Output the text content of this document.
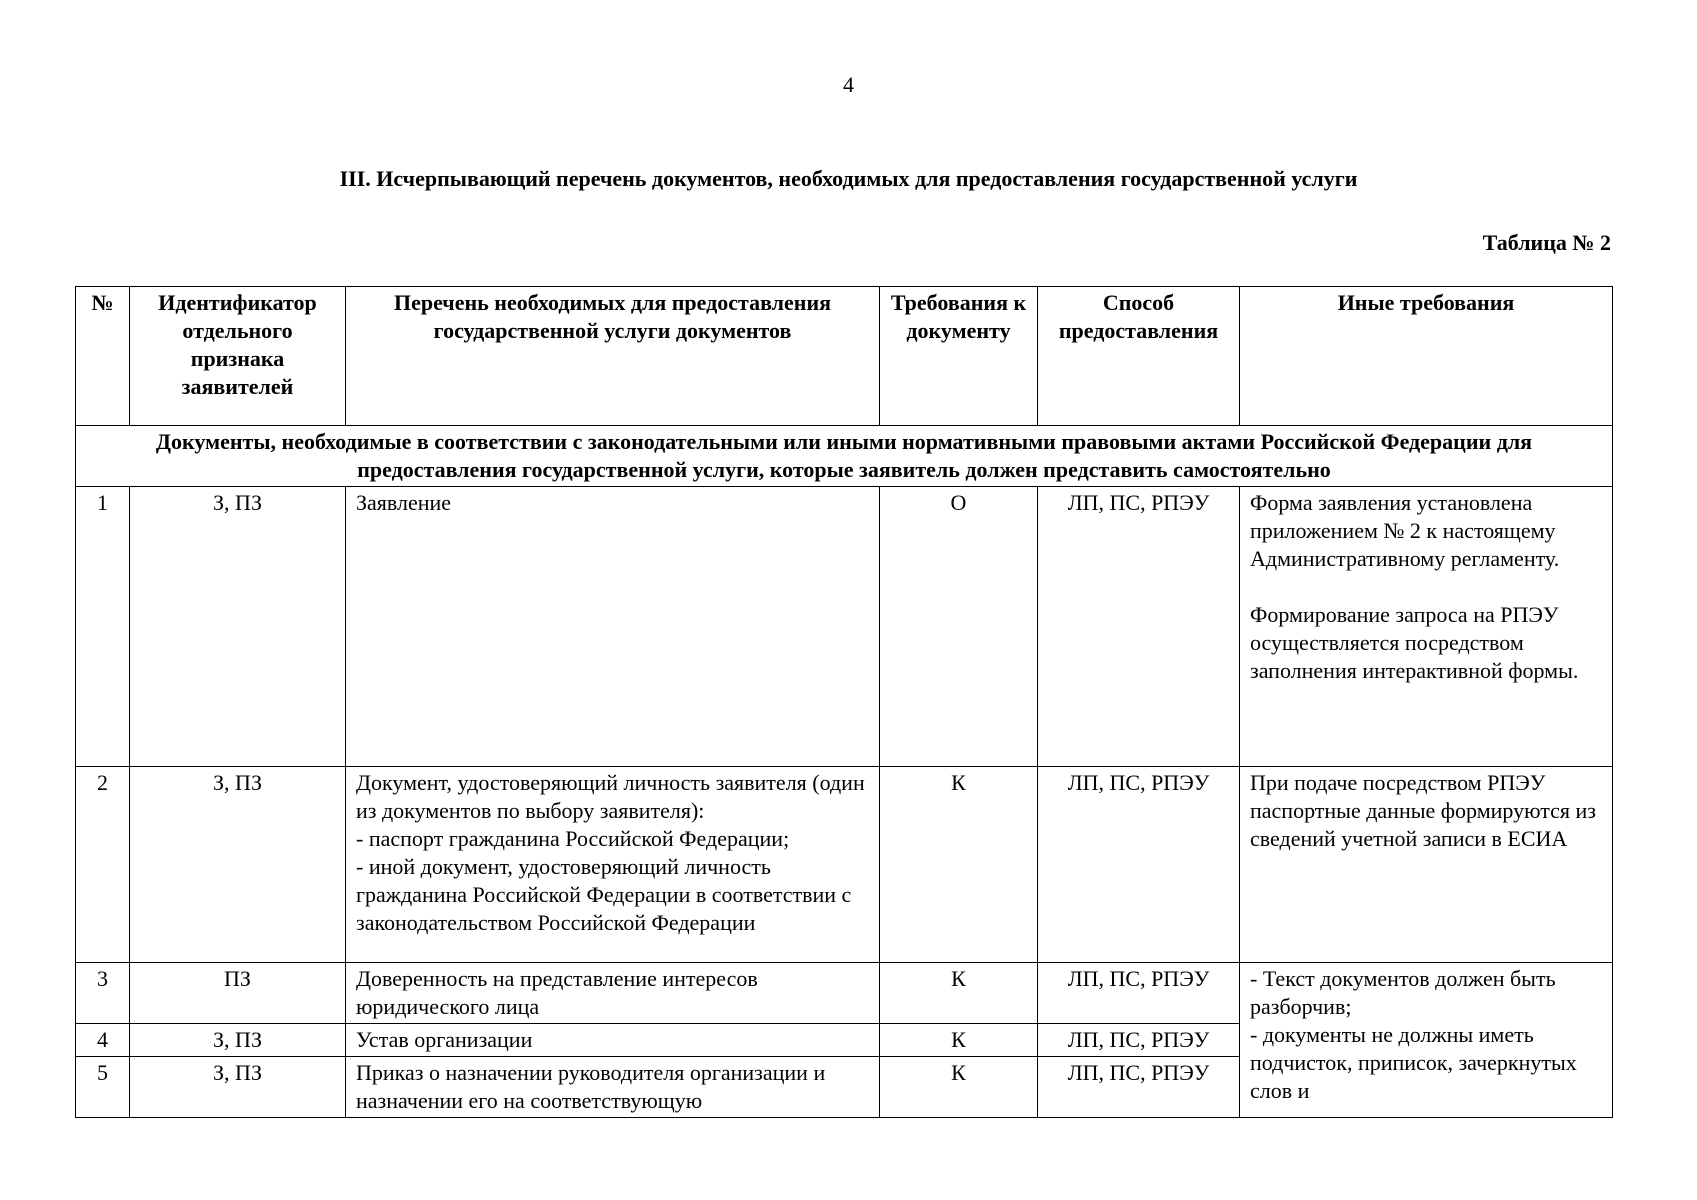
4
III. Исчерпывающий перечень документов, необходимых для предоставления государственной услуги
Таблица № 2
№	Идентификатор отдельного признака заявителей	Перечень необходимых для предоставления государственной услуги документов	Требования к документу	Способ предоставления	Иные требования
Документы, необходимые в соответствии с законодательными или иными нормативными правовыми актами Российской Федерации для предоставления государственной услуги, которые заявитель должен представить самостоятельно					
1	З, ПЗ	Заявление	О	ЛП, ПС, РПЭУ	Форма заявления установлена приложением № 2 к настоящему Административному регламенту.
Формирование запроса на РПЭУ осуществляется посредством заполнения интерактивной формы.
2	З, ПЗ	Документ, удостоверяющий личность заявителя (один из документов по выбору заявителя):
- паспорт гражданина Российской Федерации;
- иной документ, удостоверяющий личность гражданина Российской Федерации в соответствии с законодательством Российской Федерации	К	ЛП, ПС, РПЭУ	При подаче посредством РПЭУ паспортные данные формируются из сведений учетной записи в ЕСИА
3	ПЗ	Доверенность на представление интересов юридического лица	К	ЛП, ПС, РПЭУ	- Текст документов должен быть разборчив;
- документы не должны иметь подчисток, приписок, зачеркнутых слов и
4	З, ПЗ	Устав организации	К	ЛП, ПС, РПЭУ	
5	З, ПЗ	Приказ о назначении руководителя организации и назначении его на соответствующую	К	ЛП, ПС, РПЭУ	
